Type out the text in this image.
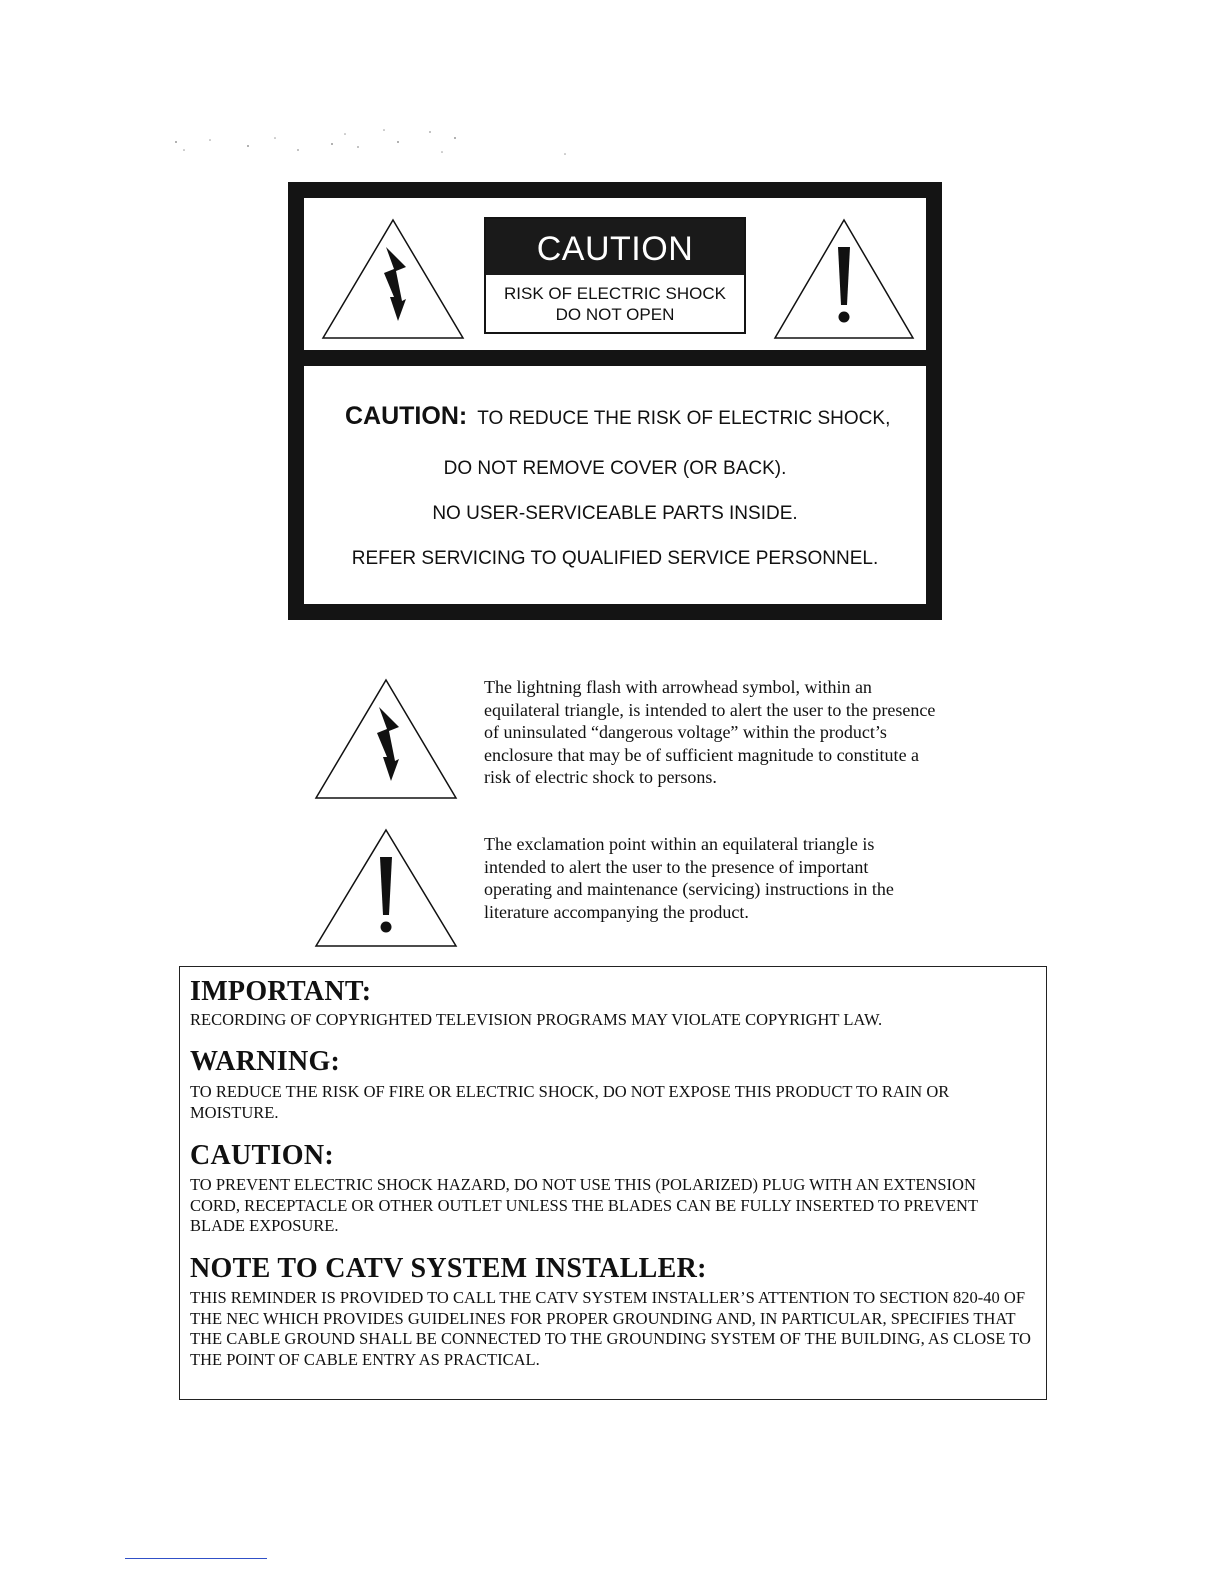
CAUTION
RISK OF ELECTRIC SHOCK
DO NOT OPEN
CAUTION: TO REDUCE THE RISK OF ELECTRIC SHOCK,
DO NOT REMOVE COVER (OR BACK).
NO USER-SERVICEABLE PARTS INSIDE.
REFER SERVICING TO QUALIFIED SERVICE PERSONNEL.
The lightning flash with arrowhead symbol, within an equilateral triangle, is intended to alert the user to the presence of uninsulated “dangerous voltage” within the product’s enclosure that may be of sufficient magnitude to constitute a risk of electric shock to persons.
The exclamation point within an equilateral triangle is intended to alert the user to the presence of important operating and maintenance (servicing) instructions in the literature accompanying the product.
IMPORTANT:
RECORDING OF COPYRIGHTED TELEVISION PROGRAMS MAY VIOLATE COPYRIGHT LAW.
WARNING:
TO REDUCE THE RISK OF FIRE OR ELECTRIC SHOCK, DO NOT EXPOSE THIS PRODUCT TO RAIN OR MOISTURE.
CAUTION:
TO PREVENT ELECTRIC SHOCK HAZARD, DO NOT USE THIS (POLARIZED) PLUG WITH AN EXTENSION CORD, RECEPTACLE OR OTHER OUTLET UNLESS THE BLADES CAN BE FULLY INSERTED TO PREVENT BLADE EXPOSURE.
NOTE TO CATV SYSTEM INSTALLER:
THIS REMINDER IS PROVIDED TO CALL THE CATV SYSTEM INSTALLER’S ATTENTION TO SECTION 820-40 OF THE NEC WHICH PROVIDES GUIDELINES FOR PROPER GROUNDING AND, IN PARTICULAR, SPECIFIES THAT THE CABLE GROUND SHALL BE CONNECTED TO THE GROUNDING SYSTEM OF THE BUILDING, AS CLOSE TO THE POINT OF CABLE ENTRY AS PRACTICAL.
